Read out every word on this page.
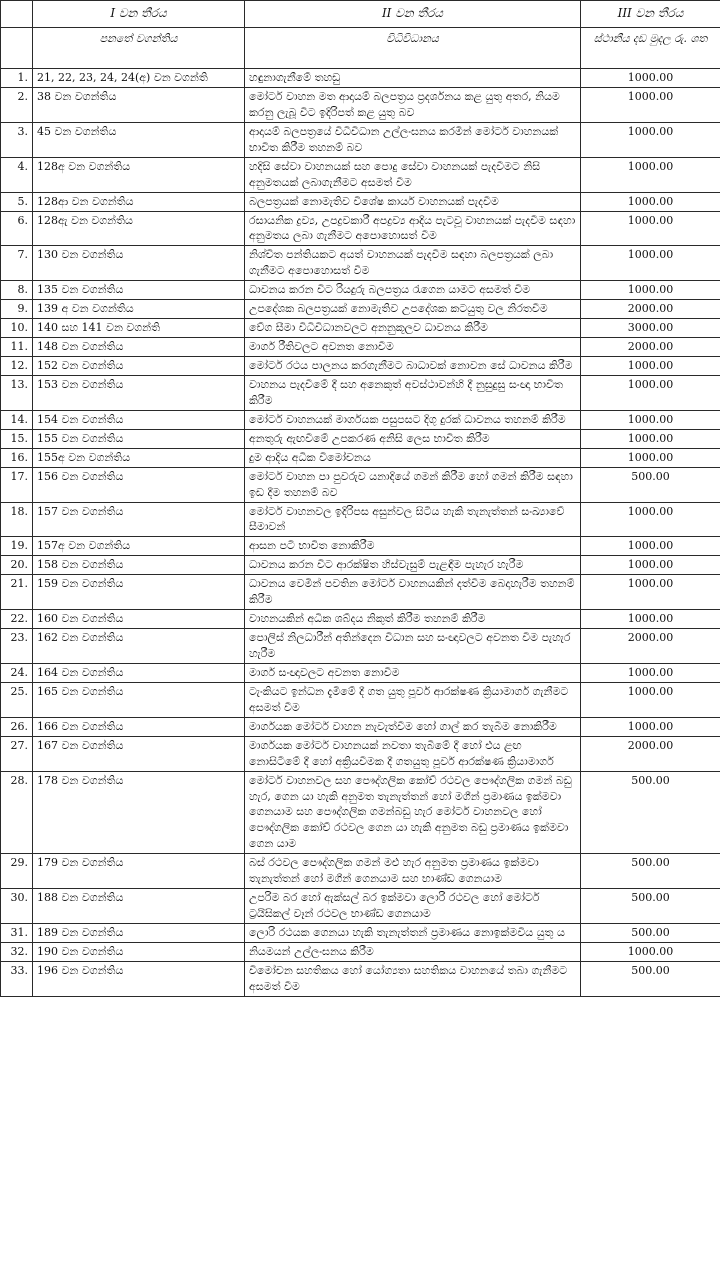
	I වන තීරය	II වන තීරය	III වන තීරය
	පනතේ වගන්තිය	විධිවිධානය	ස්ථානීය දඩ මුදල රු. ශත
1.	21, 22, 23, 24, 24(අ) වන වගන්ති	හඳුනාගැනීමේ තහඩු	1000.00
2.	38 වන වගන්තිය	මෝටර් වාහන මත ආදායම් බලපත්‍රය ප්‍රදර්ශනය කළ යුතු අතර, නියම කරනු ලැබූ විට ඉදිරිපත් කළ යුතු බව	1000.00
3.	45 වන වගන්තිය	ආදායම් බලපත්‍රයේ විධිවිධාන උල්ලංඝනය කරමින් මෝටර් වාහනයක් භාවිත කිරීම තහනම් බව	1000.00
4.	128අ වන වගන්තිය	හදිසි සේවා වාහනයක් සහ පොදු සේවා වාහනයක් පැදවීමට නිසි අනුමතයක් ලබාගැනීමට අසමත් වීම	1000.00
5.	128ආ වන වගන්තිය	බලපත්‍රයක් නොමැතිව විශේෂ කාර්ය වාහනයක් පැදවීම	1000.00
6.	128ඇ වන වගන්තිය	රසායනික ද්‍රව්‍ය, උපද්‍රවකාරී අපද්‍රව්‍ය ආදිය පැටවූ වාහනයක් පැදවීම සඳහා අනුමතය ලබා ගැනීමට අපොහොසත් වීම	1000.00
7.	130 වන වගන්තිය	නිශ්චිත පන්තියකට අයත් වාහනයක් පැදවීම සඳහා බලපත්‍රයක් ලබා ගැනීමට අපොහොසත් වීම	1000.00
8.	135 වන වගන්තිය	ධාවනය කරන විට රියදුරු බලපත්‍රය රැගෙන යාමට අසමත් වීම	1000.00
9.	139 අ වන වගන්තිය	උපදේශක බලපත්‍රයක් නොමැතිව උපදේශක කටයුතු වල නිරතවීම	2000.00
10.	140 සහ 141 වන වගන්ති	වේග සීමා විධිවිධානවලට අනනුකූලව ධාවනය කිරීම	3000.00
11.	148 වන වගන්තිය	මාර්ග රීතිවලට අවනත නොවීම	2000.00
12.	152 වන වගන්තිය	මෝටර් රථය පාලනය කරගැනීමට බාධාවක් නොවන සේ ධාවනය කිරීම	1000.00
13.	153 වන වගන්තිය	වාහනය පැදවීමේ දී සහ අනෙකුත් අවස්ථාවන්හි දී නුසුදුසු සංඥා භාවිත කිරීම	1000.00
14.	154 වන වගන්තිය	මෝටර් වාහනයක් මාර්ගයක පසුපසට දිගු දුරක් ධාවනය තහනම් කිරීම	1000.00
15.	155 වන වගන්තිය	අනතුරු ඇඟවීමේ උපකරණ අනිසි ලෙස භාවිත කිරීම	1000.00
16.	155අ වන වගන්තිය	දුම ආදිය අධික විමෝචනය	1000.00
17.	156 වන වගන්තිය	මෝටර් වාහන පා පුවරුව යනාදියේ ගමන් කිරීම හෝ ගමන් කිරීම සඳහා ඉඩ දීම තහනම් බව	500.00
18.	157 වන වගන්තිය	මෝටර් වාහනවල ඉදිරිපස අසුන්වල සිටිය හැකි තැනැත්තන් සංඛ්‍යාවේ සීමාවන්	1000.00
19.	157අ වන වගන්තිය	ආසන පටි භාවිත නොකිරීම	1000.00
20.	158 වන වගන්තිය	ධාවනය කරන විට ආරක්ෂිත හිස්වැසුම් පැළඳීම පැහැර හැරීම	1000.00
21.	159 වන වගන්තිය	ධාවනය වෙමින් පවතින මෝටර් වාහනයකින් දත්වීම බෙදාහැරීම තහනම් කිරීම	1000.00
22.	160 වන වගන්තිය	වාහනයකින් අධික ශබ්දය නිකුත් කිරීම තහනම් කිරීම	1000.00
23.	162 වන වගන්තිය	පොලිස් නිලධාරීන් අතින්දෙන විධාන සහ සංඥාවලට අවනත වීම පැහැර හැරීම	2000.00
24.	164 වන වගන්තිය	මාර්ග සංඥාවලට අවනත නොවීම	1000.00
25.	165 වන වගන්තිය	ටැංකියට ඉන්ධන දැමීමේ දී ගත යුතු පූර්ව ආරක්ෂණ ක්‍රියාමාර්ග ගැනීමට අසමත් වීම	1000.00
26.	166 වන වගන්තිය	මාර්ගයක මෝටර් වාහන නැවැත්වීම හෝ ගාල් කර තැබීම නොකිරීම	1000.00
27.	167 වන වගන්තිය	මාර්ගයක මෝටර් වාහනයක් නවතා තැබීමේ දී හෝ එය ළඟ නොසිටීමේ දී හෝ අක්‍රියවීමක දී ගතයුතු පූර්ව ආරක්ෂණ ක්‍රියාමාර්ග	2000.00
28.	178 වන වගන්තිය	මෝටර් වාහනවල සහ පෞද්ගලික කෝච් රථවල පෞද්ගලික ගමන් බඩු හැර, ගෙන යා හැකි අනුමත තැනැත්තන් හෝ මගීන් ප්‍රමාණය ඉක්මවා ගෙනයාම සහ පෞද්ගලික ගමන්බඩු හැර මෝටර් වාහනවල හෝ පෞද්ගලික කෝච් රථවල ගෙන යා හැකි අනුමත බඩු ප්‍රමාණය ඉක්මවා ගෙන යාම	500.00
29.	179 වන වගන්තිය	බස් රථවල පෞද්ගලික ගමන් මළු හැර අනුමත ප්‍රමාණය ඉක්මවා තැනැත්තන් හෝ මගීන් ගෙනයාම සහ භාණ්ඩ ගෙනයාම	500.00
30.	188 වන වගන්තිය	උපරිම බර හෝ ඇක්සල් බර ඉක්මවා ලොරි රථවල හෝ මෝටර් ට්‍රයිසිකල් වෑන් රථවල භාණ්ඩ ගෙනයාම	500.00
31.	189 වන වගන්තිය	ලොරි රථයක ගෙනයා හැකි තැනැත්තන් ප්‍රමාණය නොඉක්මවිය යුතු ය	500.00
32.	190 වන වගන්තිය	නියමයන් උල්ලංඝනය කිරීම	1000.00
33.	196 වන වගන්තිය	විමෝචන සහතිකය හෝ යෝග්‍යතා සහතිකය වාහනයේ තබා ගැනීමට අසමත් වීම	500.00
